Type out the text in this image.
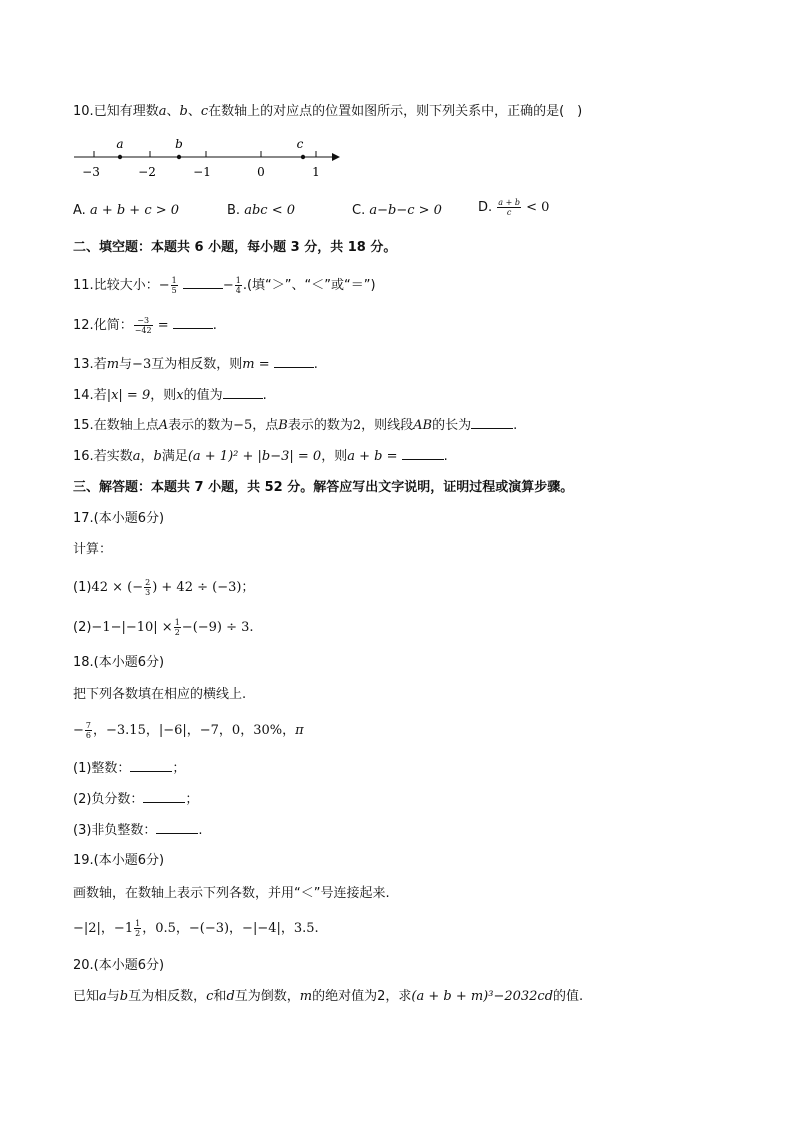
10.已知有理数a、b、c在数轴上的对应点的位置如图所示，则下列关系中，正确的是(　)
a	b	c
−3	−2	−1	0	1
A. a + b + c > 0	B. abc < 0	C. a−b−c > 0	D. $\frac{a + b}{c} < 0$
二、填空题：本题共 6 小题，每小题 3 分，共 18 分。
11.比较大小：− $\frac{1}{5}$	− $\frac{1}{4}$ .(填“＞”、“＜”或“＝”)
12.化简： $\frac{-3}{-42}$ =	.
13.若m与−3互为相反数，则m =	.
14.若|x| = 9，则x的值为	.
15.在数轴上点A表示的数为−5，点B表示的数为2，则线段AB的长为	.
16.若实数a，b满足(a + 1)² + |b−3| = 0，则a + b =	.
三、解答题：本题共 7 小题，共 52 分。解答应写出文字说明，证明过程或演算步骤。
17.(本小题6分)
计算：
(1)42 × (− $\frac{2}{3}$ ) + 42 ÷ (−3)；
$(2)-1-|-10| \times \frac{1}{2} -(-9) \div 3$.
18.(本小题6分)
把下列各数填在相应的横线上.
− $\frac{7}{6}$ ，−3.15，|−6|，−7，0，30%，π
(1)整数：	；
(2)负分数：	；
(3)非负整数：	.
19.(本小题6分)
画数轴，在数轴上表示下列各数，并用“＜”号连接起来.
−|2|，$-1 \frac{1}{2}$ ，0.5，−(−3)，−|−4|，3.5.
20.(本小题6分)
已知a与b互为相反数，c和d互为倒数，m的绝对值为2，求(a + b + m)³−2032cd的值.
